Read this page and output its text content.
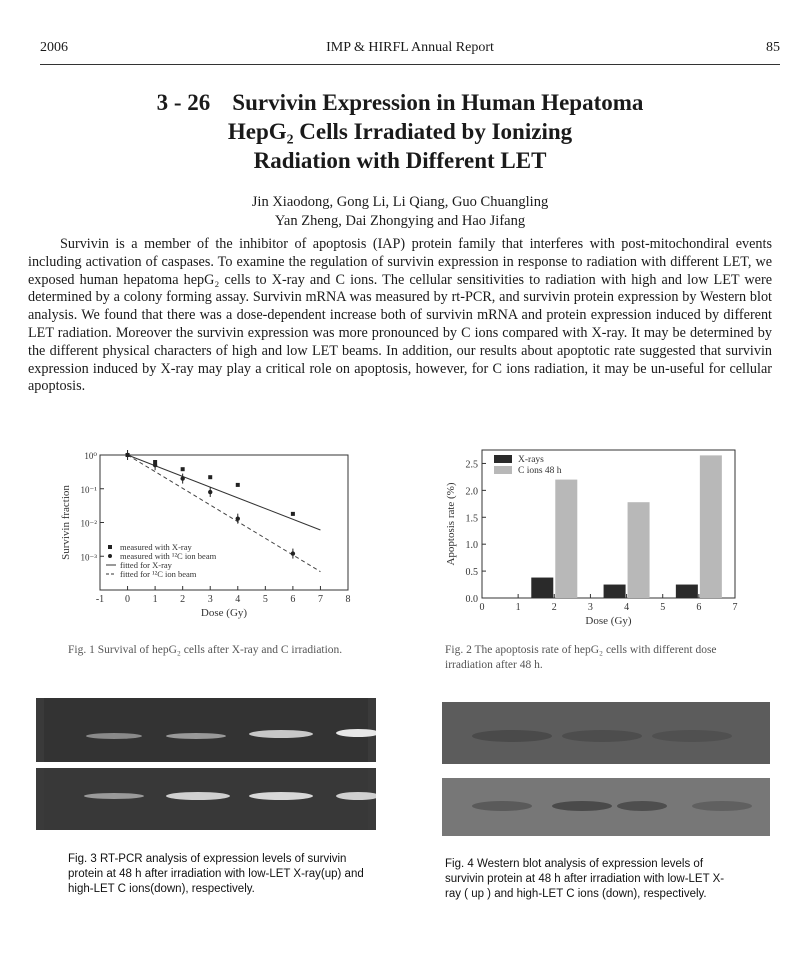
2006	IMP & HIRFL Annual Report	85
3 - 26 Survivin Expression in Human Hepatoma
HepG₂ Cells Irradiated by Ionizing
Radiation with Different LET
Jin Xiaodong, Gong Li, Li Qiang, Guo Chuangling
Yan Zheng, Dai Zhongying and Hao Jifang
Survivin is a member of the inhibitor of apoptosis (IAP) protein family that interferes with post-mitochondiral events including activation of caspases. To examine the regulation of survivin expression in response to radiation with different LET, we exposed human hepatoma hepG₂ cells to X-ray and C ions. The cellular sensitivities to radiation with high and low LET were determined by a colony forming assay. Survivin mRNA was measured by rt-PCR, and survivin protein expression by Western blot analysis. We found that there was a dose-dependent increase both of survivin mRNA and protein expression induced by different LET radiation. Moreover the survivin expression was more pronounced by C ions compared with X-ray. It may be determined by the different physical characters of high and low LET beams. In addition, our results about apoptotic rate suggested that survivin expression induced by X-ray may play a critical role on apoptosis, however, for C ions radiation, it may be un-useful for cellular apoptosis.
-1 0 1 2 3 4 5 6 7 8
10⁰
10⁻¹
10⁻²
10⁻³
Dose (Gy)
Survivin fraction	measured with X-ray
measured with ¹²C ion beam
fitted for X-ray
fitted for ¹²C ion beam
0	1	2	3	4	5	6	7
0.0
0.5
1.0
1.5
2.0
2.5
Dose (Gy)
Apoptosis rate (%)
X-rays
C ions 48 h
Fig. 1 Survival of hepG₂ cells after X-ray and C irradiation.	Fig. 2 The apoptosis rate of hepG₂ cells with different dose irradiation after 48 h.
Fig. 3 RT-PCR analysis of expression levels of survivin protein at 48 h after irradiation with low-LET X-ray(up) and high-LET C ions(down), respectively.
Fig. 4 Western blot analysis of expression levels of survivin protein at 48 h after irradiation with low-LET X-ray ( up ) and high-LET C ions (down), respectively.
